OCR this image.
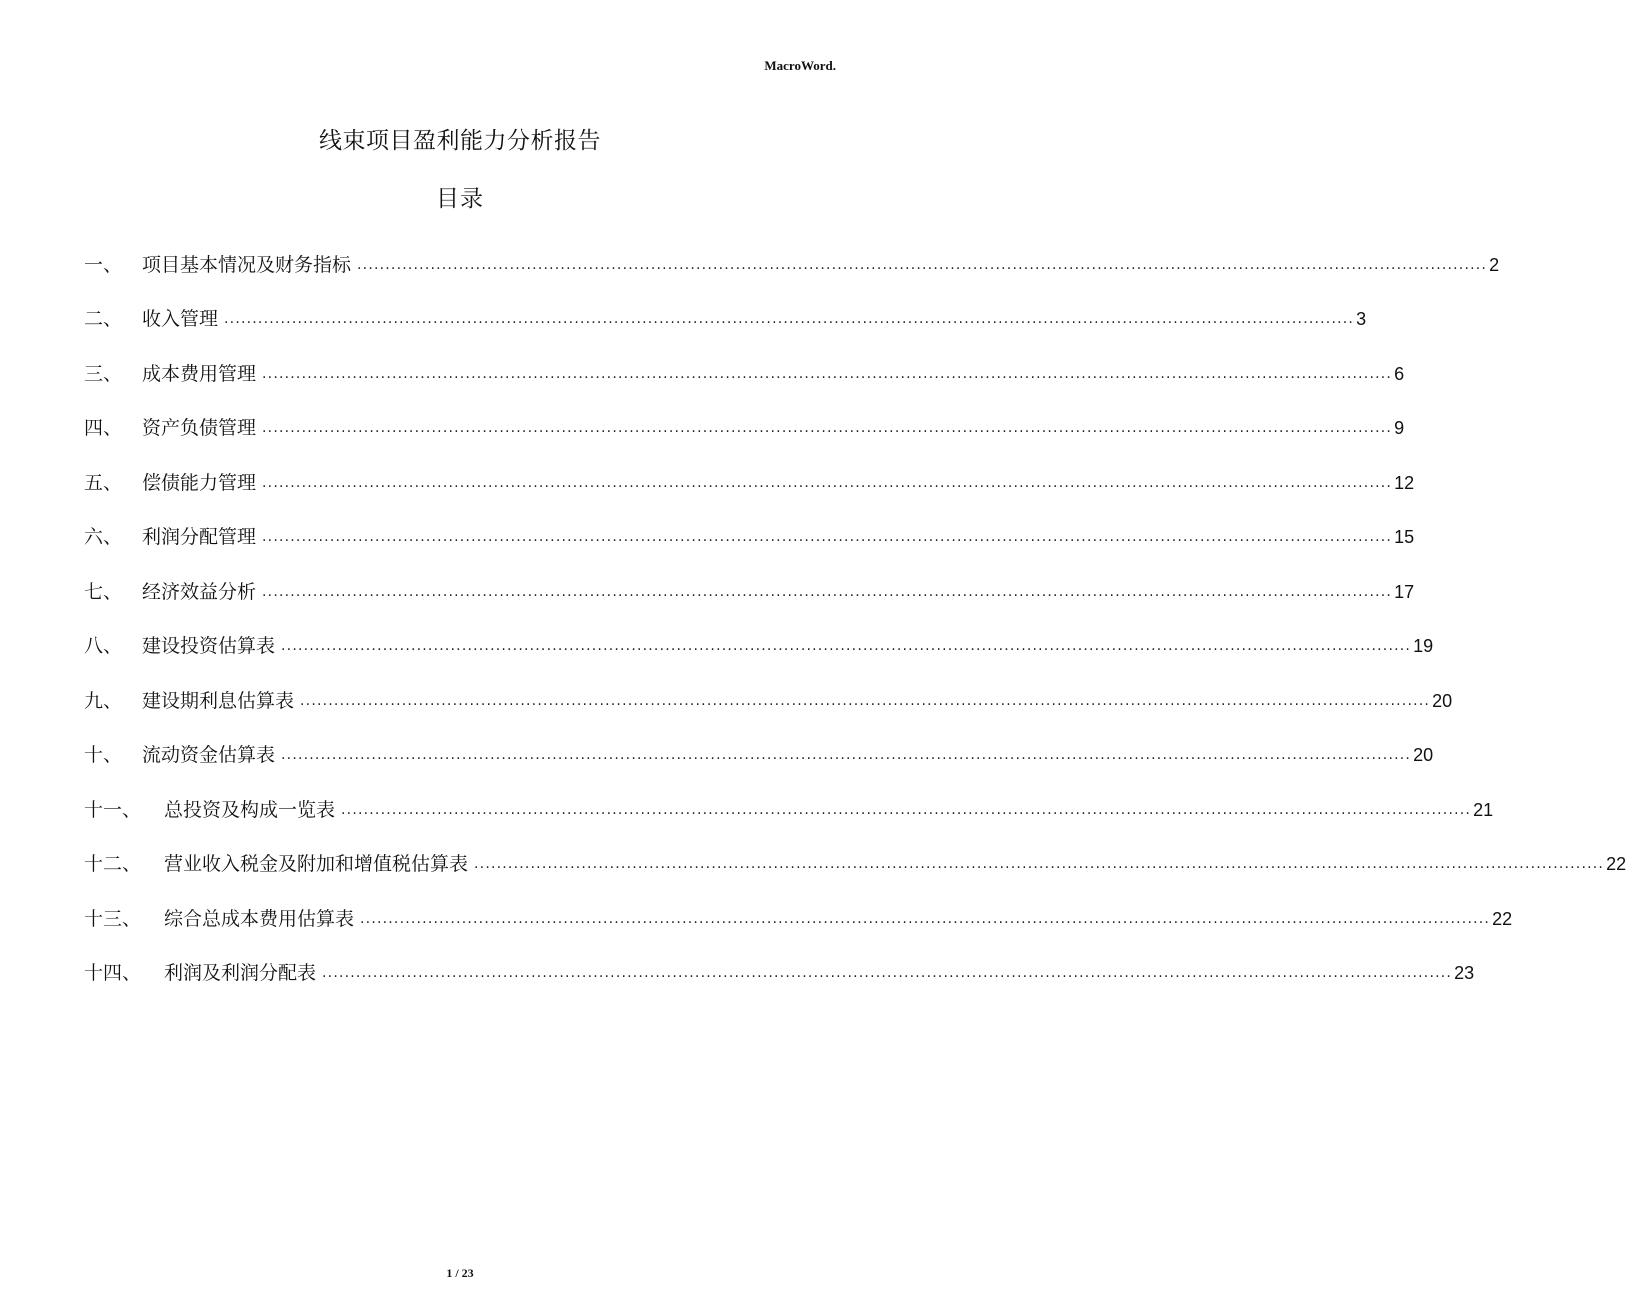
MacroWord.
线束项目盈利能力分析报告
目录
一、	项目基本情况及财务指标 ........................................................................................................................................................................................................ 2
二、	收入管理 ........................................................................................................................................................................................................ 3
三、	成本费用管理 ........................................................................................................................................................................................................ 6
四、	资产负债管理 ........................................................................................................................................................................................................ 9
五、	偿债能力管理 ........................................................................................................................................................................................................ 12
六、	利润分配管理 ........................................................................................................................................................................................................ 15
七、	经济效益分析 ........................................................................................................................................................................................................ 17
八、	建设投资估算表 ........................................................................................................................................................................................................ 19
九、	建设期利息估算表 ........................................................................................................................................................................................................ 20
十、	流动资金估算表 ........................................................................................................................................................................................................ 20
十一、	总投资及构成一览表 ........................................................................................................................................................................................................ 21
十二、	营业收入税金及附加和增值税估算表 ........................................................................................................................................................................................................ 22
十三、	综合总成本费用估算表 ........................................................................................................................................................................................................ 22
十四、	利润及利润分配表 ........................................................................................................................................................................................................ 23
1 / 23
